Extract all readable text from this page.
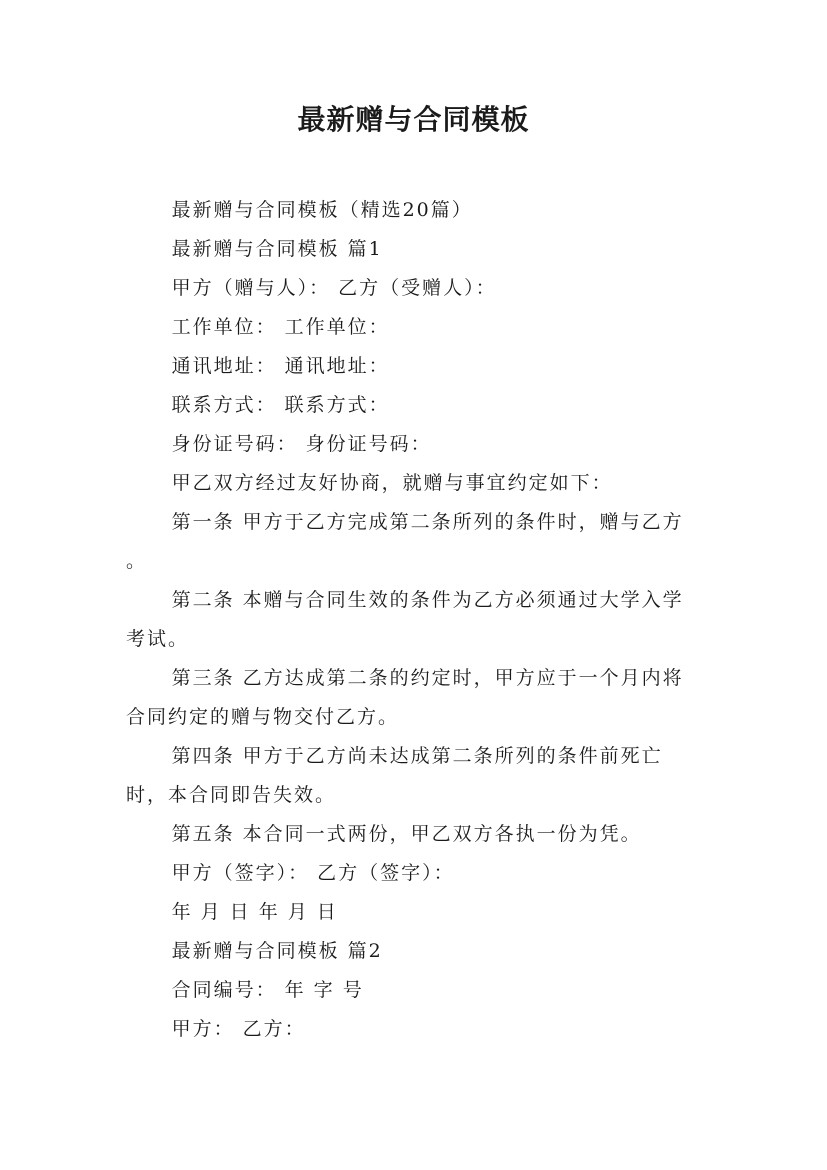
最新赠与合同模板

最新赠与合同模板（精选20篇）

最新赠与合同模板 篇1

甲方（赠与人）： 乙方（受赠人）：

工作单位： 工作单位：

通讯地址： 通讯地址：

联系方式： 联系方式：

身份证号码： 身份证号码：

甲乙双方经过友好协商，就赠与事宜约定如下：

第一条 甲方于乙方完成第二条所列的条件时，赠与乙方 。

第二条 本赠与合同生效的条件为乙方必须通过大学入学考试。

第三条 乙方达成第二条的约定时，甲方应于一个月内将合同约定的赠与物交付乙方。

第四条 甲方于乙方尚未达成第二条所列的条件前死亡时，本合同即告失效。

第五条 本合同一式两份，甲乙双方各执一份为凭。

甲方（签字）： 乙方（签字）：

年 月 日 年 月 日

最新赠与合同模板 篇2

合同编号： 年 字 号

甲方： 乙方：
